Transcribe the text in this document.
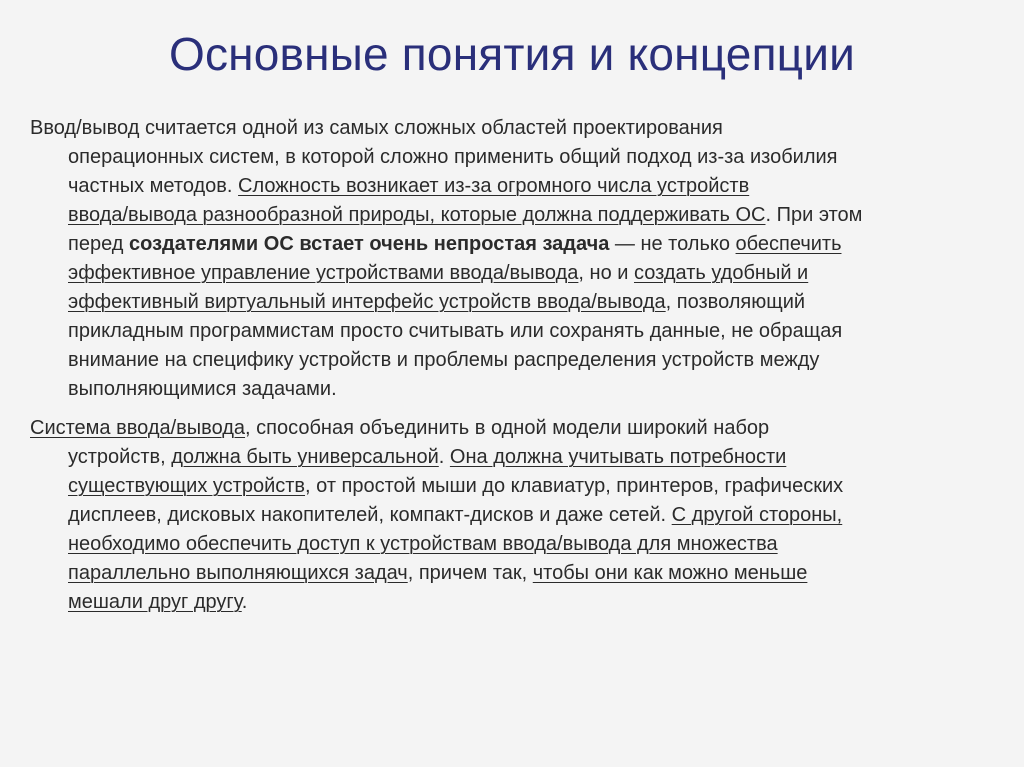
Основные понятия и концепции
Ввод/вывод считается одной из самых сложных областей проектирования
операционных систем, в которой сложно применить общий подход из-за изобилия
частных методов. Сложность возникает из-за огромного числа устройств
ввода/вывода разнообразной природы, которые должна поддерживать ОС. При этом
перед создателями ОС встает очень непростая задача — не только обеспечить
эффективное управление устройствами ввода/вывода, но и создать удобный и
эффективный виртуальный интерфейс устройств ввода/вывода, позволяющий
прикладным программистам просто считывать или сохранять данные, не обращая
внимание на специфику устройств и проблемы распределения устройств между
выполняющимися задачами.
Система ввода/вывода, способная объединить в одной модели широкий набор
устройств, должна быть универсальной. Она должна учитывать потребности
существующих устройств, от простой мыши до клавиатур, принтеров, графических
дисплеев, дисковых накопителей, компакт-дисков и даже сетей. С другой стороны,
необходимо обеспечить доступ к устройствам ввода/вывода для множества
параллельно выполняющихся задач, причем так, чтобы они как можно меньше
мешали друг другу.
